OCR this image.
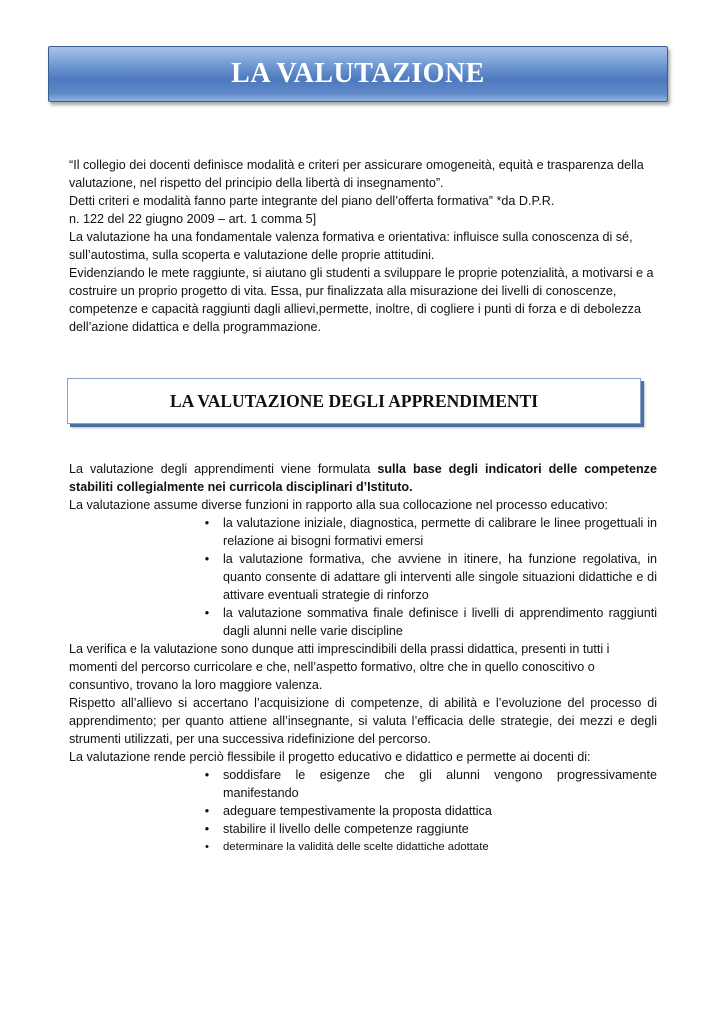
LA VALUTAZIONE

“Il collegio dei docenti definisce modalità e criteri per assicurare omogeneità, equità e trasparenza della valutazione, nel rispetto del principio della libertà di insegnamento”.

Detti criteri e modalità fanno parte integrante del piano dell’offerta formativa” *da D.P.R.

n. 122 del 22 giugno 2009 – art. 1 comma 5]

La valutazione ha una fondamentale valenza formativa e orientativa: influisce sulla conoscenza di sé, sull’autostima, sulla scoperta e valutazione delle proprie attitudini.

Evidenziando le mete raggiunte, si aiutano gli studenti a sviluppare le proprie potenzialità, a motivarsi e a costruire un proprio progetto di vita. Essa, pur finalizzata alla misurazione dei livelli di conoscenze, competenze e capacità raggiunti dagli allievi,permette, inoltre, di cogliere i punti di forza e di debolezza dell’azione didattica e della programmazione.

LA VALUTAZIONE DEGLI APPRENDIMENTI

La valutazione degli apprendimenti viene formulata sulla base degli indicatori delle competenze stabiliti collegialmente nei curricola disciplinari d’Istituto.

La valutazione assume diverse funzioni in rapporto alla sua collocazione nel processo educativo:

•	la valutazione iniziale, diagnostica, permette di calibrare le linee progettuali in relazione ai bisogni formativi emersi
•	la valutazione formativa, che avviene in itinere, ha funzione regolativa, in quanto consente di adattare gli interventi alle singole situazioni didattiche e di attivare eventuali strategie di rinforzo
•	la valutazione sommativa finale definisce i livelli di apprendimento raggiunti dagli alunni nelle varie discipline

La verifica e la valutazione sono dunque atti imprescindibili della prassi didattica, presenti in tutti i momenti del percorso curricolare e che, nell’aspetto formativo, oltre che in quello conoscitivo o consuntivo, trovano la loro maggiore valenza.

Rispetto all’allievo si accertano l’acquisizione di competenze, di abilità e l’evoluzione del processo di apprendimento; per quanto attiene all’insegnante, si valuta l’efficacia delle strategie, dei mezzi e degli strumenti utilizzati, per una successiva ridefinizione del percorso.

La valutazione rende perciò flessibile il progetto educativo e didattico e permette ai docenti di:

•	soddisfare le esigenze che gli alunni vengono progressivamente manifestando
•	adeguare tempestivamente la proposta didattica
•	stabilire il livello delle competenze raggiunte
•	determinare la validità delle scelte didattiche adottate
